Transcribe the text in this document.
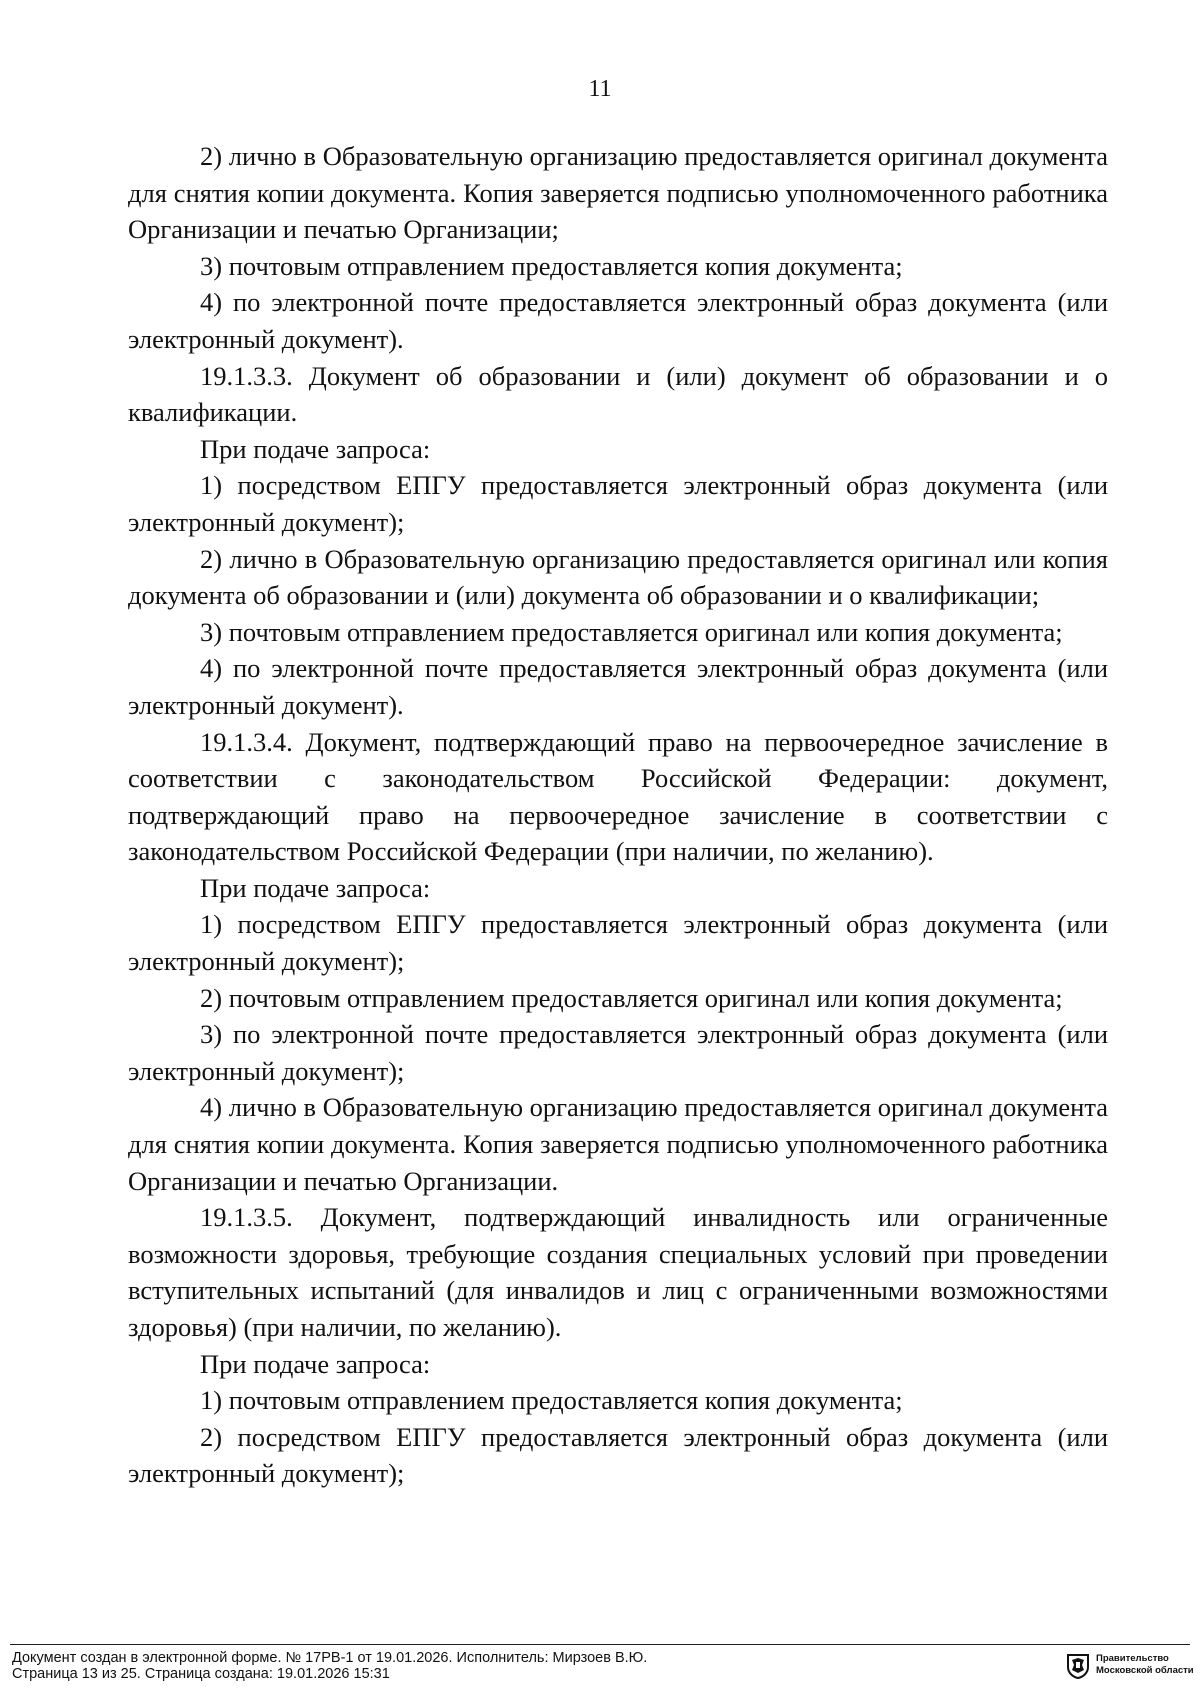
11

2) лично в Образовательную организацию предоставляется оригинал документа для снятия копии документа. Копия заверяется подписью уполномоченного работника Организации и печатью Организации;

3) почтовым отправлением предоставляется копия документа;

4) по электронной почте предоставляется электронный образ документа (или электронный документ).

19.1.3.3. Документ об образовании и (или) документ об образовании и о квалификации.

При подаче запроса:

1) посредством ЕПГУ предоставляется электронный образ документа (или электронный документ);

2) лично в Образовательную организацию предоставляется оригинал или копия документа об образовании и (или) документа об образовании и о квалификации;

3) почтовым отправлением предоставляется оригинал или копия документа;

4) по электронной почте предоставляется электронный образ документа (или электронный документ).

19.1.3.4. Документ, подтверждающий право на первоочередное зачисление в соответствии с законодательством Российской Федерации: документ, подтверждающий право на первоочередное зачисление в соответствии с законодательством Российской Федерации (при наличии, по желанию).

При подаче запроса:

1) посредством ЕПГУ предоставляется электронный образ документа (или электронный документ);

2) почтовым отправлением предоставляется оригинал или копия документа;

3) по электронной почте предоставляется электронный образ документа (или электронный документ);

4) лично в Образовательную организацию предоставляется оригинал документа для снятия копии документа. Копия заверяется подписью уполномоченного работника Организации и печатью Организации.

19.1.3.5. Документ, подтверждающий инвалидность или ограниченные возможности здоровья, требующие создания специальных условий при проведении вступительных испытаний (для инвалидов и лиц с ограниченными возможностями здоровья) (при наличии, по желанию).

При подаче запроса:

1) почтовым отправлением предоставляется копия документа;

2) посредством ЕПГУ предоставляется электронный образ документа (или электронный документ);

Документ создан в электронной форме. № 17РВ-1 от 19.01.2026. Исполнитель: Мирзоев В.Ю.
Страница 13 из 25. Страница создана: 19.01.2026 15:31
Правительство
Московской области
